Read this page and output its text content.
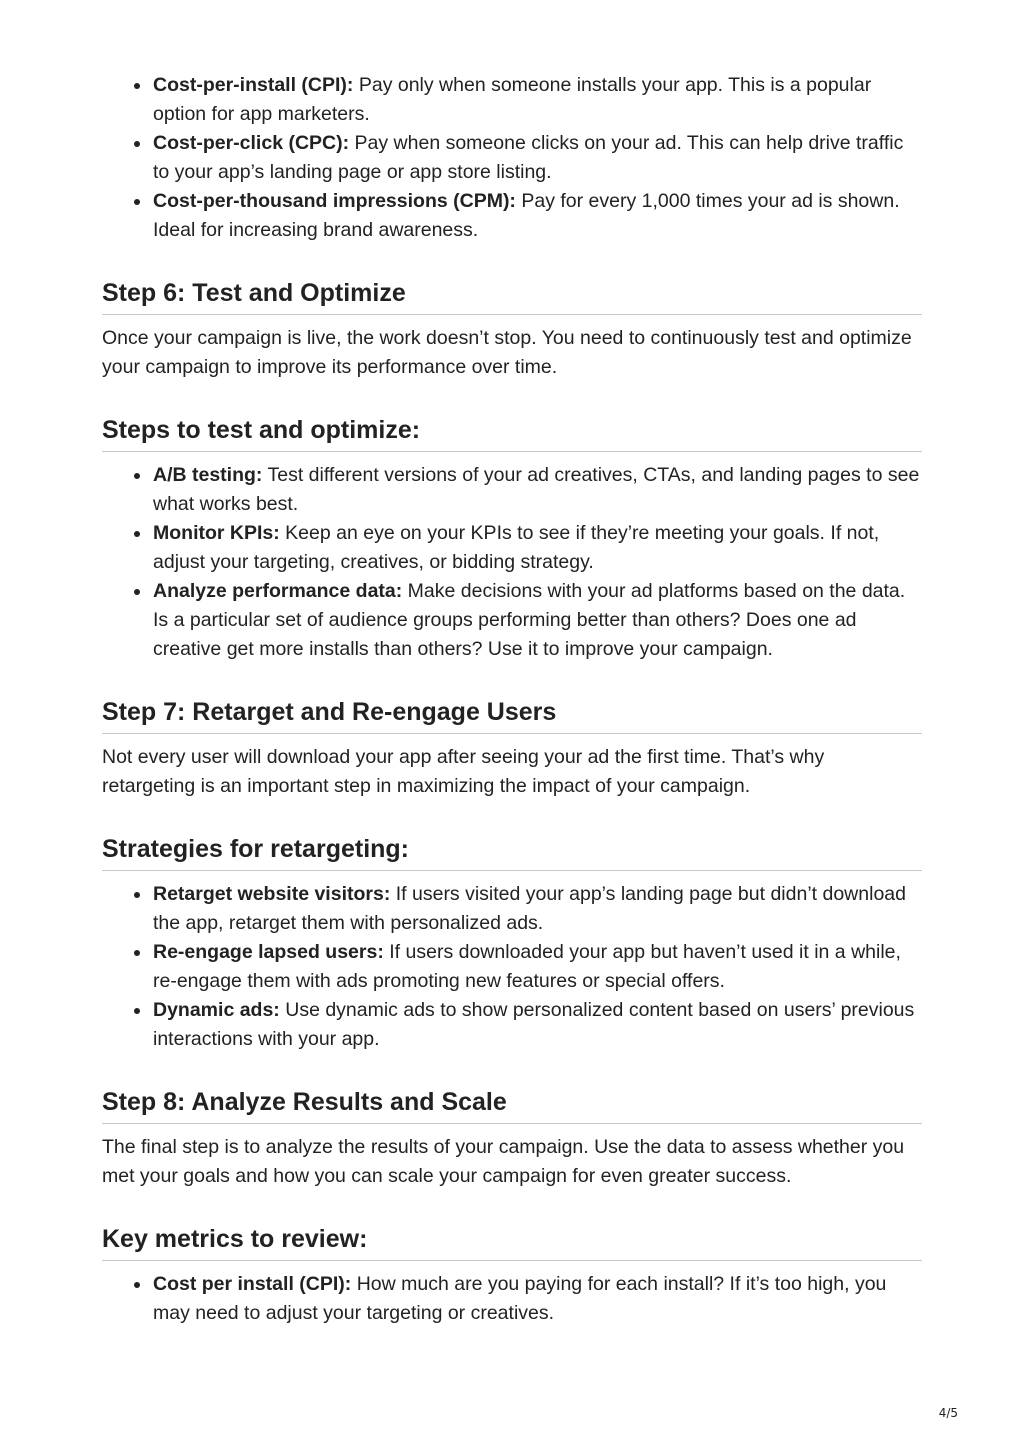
Cost-per-install (CPI): Pay only when someone installs your app. This is a popular option for app marketers.
Cost-per-click (CPC): Pay when someone clicks on your ad. This can help drive traffic to your app’s landing page or app store listing.
Cost-per-thousand impressions (CPM): Pay for every 1,000 times your ad is shown. Ideal for increasing brand awareness.
Step 6: Test and Optimize

Once your campaign is live, the work doesn’t stop. You need to continuously test and optimize your campaign to improve its performance over time.

Steps to test and optimize:
A/B testing: Test different versions of your ad creatives, CTAs, and landing pages to see what works best.
Monitor KPIs: Keep an eye on your KPIs to see if they’re meeting your goals. If not, adjust your targeting, creatives, or bidding strategy.
Analyze performance data: Make decisions with your ad platforms based on the data. Is a particular set of audience groups performing better than others? Does one ad creative get more installs than others? Use it to improve your campaign.
Step 7: Retarget and Re-engage Users

Not every user will download your app after seeing your ad the first time. That’s why retargeting is an important step in maximizing the impact of your campaign.

Strategies for retargeting:
Retarget website visitors: If users visited your app’s landing page but didn’t download the app, retarget them with personalized ads.
Re-engage lapsed users: If users downloaded your app but haven’t used it in a while, re-engage them with ads promoting new features or special offers.
Dynamic ads: Use dynamic ads to show personalized content based on users’ previous interactions with your app.
Step 8: Analyze Results and Scale

The final step is to analyze the results of your campaign. Use the data to assess whether you met your goals and how you can scale your campaign for even greater success.

Key metrics to review:
Cost per install (CPI): How much are you paying for each install? If it’s too high, you may need to adjust your targeting or creatives.
4/5
